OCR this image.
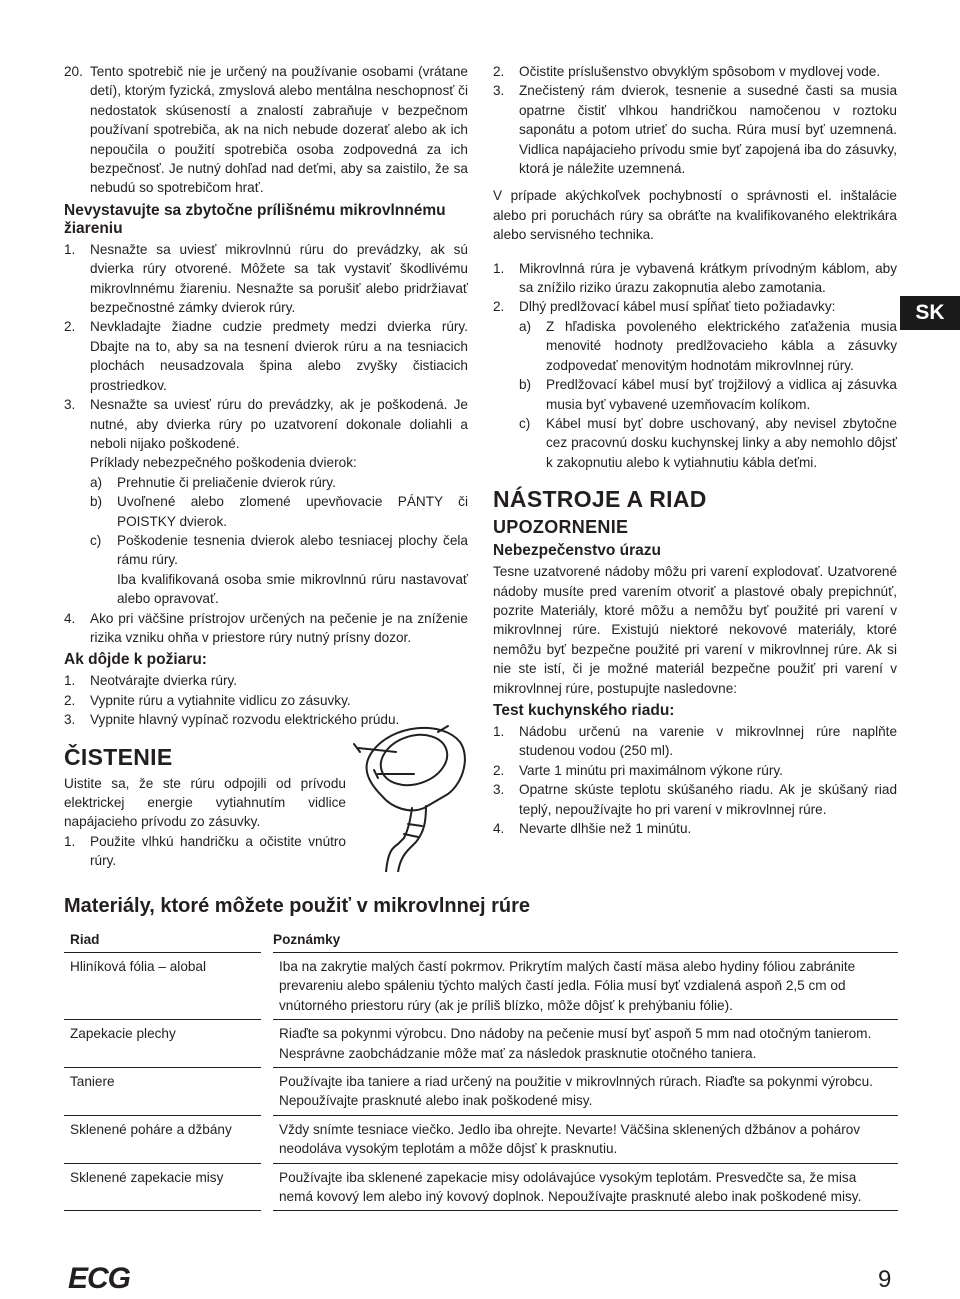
20. Tento spotrebič nie je určený na používanie osobami (vrátane detí), ktorým fyzická, zmyslová alebo mentálna neschopnosť či nedostatok skúseností a znalostí zabraňuje v bezpečnom používaní spotrebiča, ak na nich nebude dozerať alebo ak ich nepoučila o použití spotrebiča osoba zodpovedná za ich bezpečnosť. Je nutný dohľad nad deťmi, aby sa zaistilo, že sa nebudú so spotrebičom hrať.
Nevystavujte sa zbytočne prílišnému mikrovlnnému žiareniu
1.	Nesnažte sa uviesť mikrovlnnú rúru do prevádzky, ak sú dvierka rúry otvorené. Môžete sa tak vystaviť škodlivému mikrovlnnému žiareniu. Nesnažte sa porušiť alebo pridržiavať bezpečnostné zámky dvierok rúry.
2.	Nevkladajte žiadne cudzie predmety medzi dvierka rúry. Dbajte na to, aby sa na tesnení dvierok rúru a na tesniacich plochách neusadzovala špina alebo zvyšky čistiacich prostriedkov.
3.	Nesnažte sa uviesť rúru do prevádzky, ak je poškodená. Je nutné, aby dvierka rúry po uzatvorení dokonale doliahli a neboli nijako poškodené.

Príklady nebezpečného poškodenia dvierok:

a)	Prehnutie či preliačenie dvierok rúry.
b)	Uvoľnené alebo zlomené upevňovacie PÁNTY či POISTKY dvierok.
c)	Poškodenie tesnenia dvierok alebo tesniacej plochy čela rámu rúry.

Iba kvalifikovaná osoba smie mikrovlnnú rúru nastavovať alebo opravovať.

4.	Ako pri väčšine prístrojov určených na pečenie je na zníženie rizika vzniku ohňa v priestore rúry nutný prísny dozor.
Ak dôjde k požiaru:
1.	Neotvárajte dvierka rúry.
2.	Vypnite rúru a vytiahnite vidlicu zo zásuvky.
3.	Vypnite hlavný vypínač rozvodu elektrického prúdu.
ČISTENIE

Uistite sa, že ste rúru odpojili od prívodu elektrickej energie vytiahnutím vidlice napájacieho prívodu zo zásuvky.

1.	Použite vlhkú handričku a očistite vnútro rúry.
2.	Očistite príslušenstvo obvyklým spôsobom v mydlovej vode.
3.	Znečistený rám dvierok, tesnenie a susedné časti sa musia opatrne čistiť vlhkou handričkou namočenou v roztoku saponátu a potom utrieť do sucha. Rúra musí byť uzemnená. Vidlica napájacieho prívodu smie byť zapojená iba do zásuvky, ktorá je náležite uzemnená.

V prípade akýchkoľvek pochybností o správnosti el. inštalácie alebo pri poruchách rúry sa obráťte na kvalifikovaného elektrikára alebo servisného technika.

1.	Mikrovlnná rúra je vybavená krátkym prívodným káblom, aby sa znížilo riziko úrazu zakopnutia alebo zamotania.
2.	Dlhý predlžovací kábel musí spĺňať tieto požiadavky:
a)	Z hľadiska povoleného elektrického zaťaženia musia menovité hodnoty predlžovacieho kábla a zásuvky zodpovedať menovitým hodnotám mikrovlnnej rúry.
b)	Predlžovací kábel musí byť trojžilový a vidlica aj zásuvka musia byť vybavené uzemňovacím kolíkom.
c)	Kábel musí byť dobre uschovaný, aby nevisel zbytočne cez pracovnú dosku kuchynskej linky a aby nemohlo dôjsť k zakopnutiu alebo k vytiahnutiu kábla deťmi.
NÁSTROJE A RIAD
UPOZORNENIE
Nebezpečenstvo úrazu

Tesne uzatvorené nádoby môžu pri varení explodovať. Uzatvorené nádoby musíte pred varením otvoriť a plastové obaly prepichnúť, pozrite Materiály, ktoré môžu a nemôžu byť použité pri varení v mikrovlnnej rúre. Existujú niektoré nekovové materiály, ktoré nemôžu byť bezpečne použité pri varení v mikrovlnnej rúre. Ak si nie ste istí, či je možné materiál bezpečne použiť pri varení v mikrovlnnej rúre, postupujte nasledovne:

Test kuchynského riadu:
1.	Nádobu určenú na varenie v mikrovlnnej rúre naplňte studenou vodou (250 ml).
2.	Varte 1 minútu pri maximálnom výkone rúry.
3.	Opatrne skúste teplotu skúšaného riadu. Ak je skúšaný riad teplý, nepoužívajte ho pri varení v mikrovlnnej rúre.
4.	Nevarte dlhšie než 1 minútu.
SK

Materiály, ktoré môžete použiť v mikrovlnnej rúre

Riad	Poznámky
Hliníková fólia – alobal	Iba na zakrytie malých častí pokrmov. Prikrytím malých častí mäsa alebo hydiny fóliou zabránite prevareniu alebo spáleniu týchto malých častí jedla. Fólia musí byť vzdialená aspoň 2,5 cm od vnútorného priestoru rúry (ak je príliš blízko, môže dôjsť k prehýbaniu fólie).
Zapekacie plechy	Riaďte sa pokynmi výrobcu. Dno nádoby na pečenie musí byť aspoň 5 mm nad otočným tanierom. Nesprávne zaobchádzanie môže mať za následok prasknutie otočného taniera.
Taniere	Používajte iba taniere a riad určený na použitie v mikrovlnných rúrach. Riaďte sa pokynmi výrobcu. Nepoužívajte prasknuté alebo inak poškodené misy.
Sklenené poháre a džbány	Vždy snímte tesniace viečko. Jedlo iba ohrejte. Nevarte! Väčšina sklenených džbánov a pohárov neodoláva vysokým teplotám a môže dôjsť k prasknutiu.
Sklenené zapekacie misy	Používajte iba sklenené zapekacie misy odolávajúce vysokým teplotám. Presvedčte sa, že misa nemá kovový lem alebo iný kovový doplnok. Nepoužívajte prasknuté alebo inak poškodené misy.

ECG	9
